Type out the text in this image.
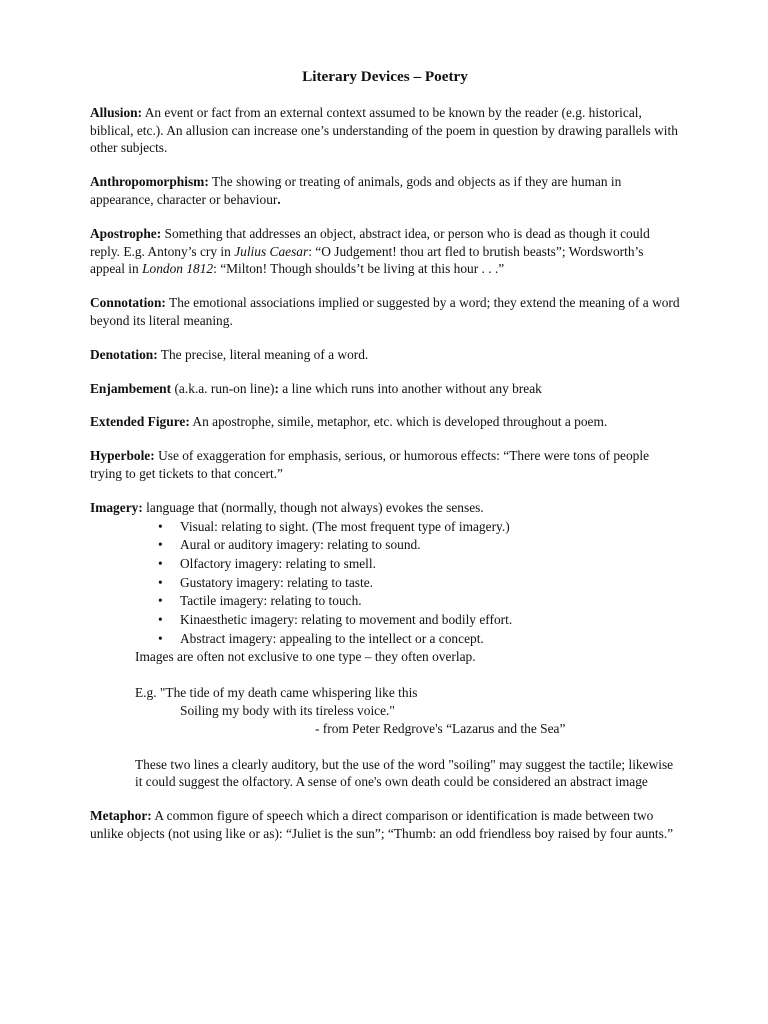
Literary Devices – Poetry
Allusion: An event or fact from an external context assumed to be known by the reader (e.g. historical, biblical, etc.). An allusion can increase one’s understanding of the poem in question by drawing parallels with other subjects.
Anthropomorphism: The showing or treating of animals, gods and objects as if they are human in appearance, character or behaviour.
Apostrophe: Something that addresses an object, abstract idea, or person who is dead as though it could reply. E.g. Antony’s cry in Julius Caesar: “O Judgement! thou art fled to brutish beasts”; Wordsworth’s appeal in London 1812: “Milton! Though shoulds’t be living at this hour . . .”
Connotation: The emotional associations implied or suggested by a word; they extend the meaning of a word beyond its literal meaning.
Denotation: The precise, literal meaning of a word.
Enjambement (a.k.a. run-on line): a line which runs into another without any break
Extended Figure: An apostrophe, simile, metaphor, etc. which is developed throughout a poem.
Hyperbole: Use of exaggeration for emphasis, serious, or humorous effects: “There were tons of people trying to get tickets to that concert.”
Imagery: language that (normally, though not always) evokes the senses.
• Visual: relating to sight. (The most frequent type of imagery.)
• Aural or auditory imagery: relating to sound.
• Olfactory imagery: relating to smell.
• Gustatory imagery: relating to taste.
• Tactile imagery: relating to touch.
• Kinaesthetic imagery: relating to movement and bodily effort.
• Abstract imagery: appealing to the intellect or a concept.
Images are often not exclusive to one type – they often overlap.
E.g. "The tide of my death came whispering like this
Soiling my body with its tireless voice."
- from Peter Redgrove's “Lazarus and the Sea”
These two lines a clearly auditory, but the use of the word "soiling" may suggest the tactile; likewise it could suggest the olfactory. A sense of one's own death could be considered an abstract image
Metaphor: A common figure of speech which a direct comparison or identification is made between two unlike objects (not using like or as): “Juliet is the sun”; “Thumb: an odd friendless boy raised by four aunts.”
